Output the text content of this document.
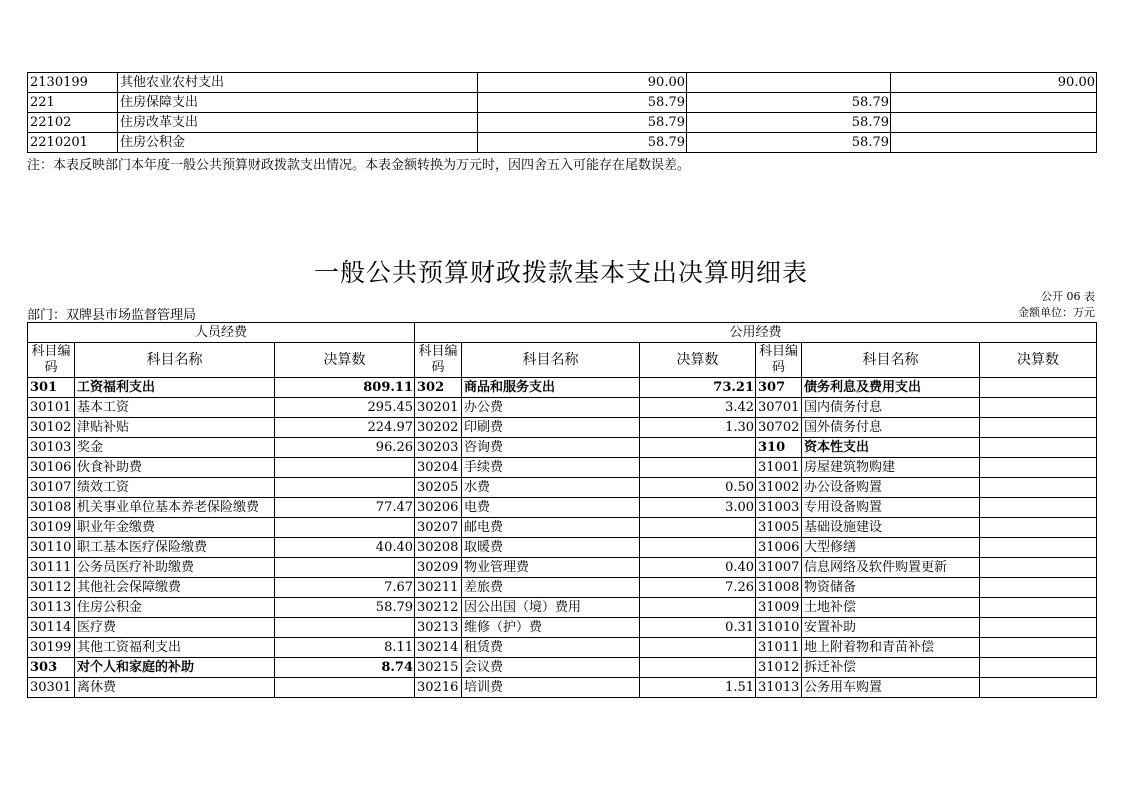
2130199	其他农业农村支出	90.00		90.00
221	住房保障支出	58.79	58.79	
22102	住房改革支出	58.79	58.79	
2210201	住房公积金	58.79	58.79	
注：本表反映部门本年度一般公共预算财政拨款支出情况。本表金额转换为万元时，因四舍五入可能存在尾数误差。
一般公共预算财政拨款基本支出决算明细表
公开 06 表
部门：双牌县市场监督管理局	金额单位：万元
人员经费			公用经费					
科目编码	科目名称	决算数	科目编码	科目名称	决算数	科目编码	科目名称	决算数
301	工资福利支出	809.11	302	商品和服务支出	73.21	307	债务利息及费用支出	
30101	基本工资	295.45	30201	办公费	3.42	30701	国内债务付息	
30102	津贴补贴	224.97	30202	印刷费	1.30	30702	国外债务付息	
30103	奖金	96.26	30203	咨询费		310	资本性支出	
30106	伙食补助费		30204	手续费		31001	房屋建筑物购建	
30107	绩效工资		30205	水费	0.50	31002	办公设备购置	
30108	机关事业单位基本养老保险缴费	77.47	30206	电费	3.00	31003	专用设备购置	
30109	职业年金缴费		30207	邮电费		31005	基础设施建设	
30110	职工基本医疗保险缴费	40.40	30208	取暖费		31006	大型修缮	
30111	公务员医疗补助缴费		30209	物业管理费	0.40	31007	信息网络及软件购置更新	
30112	其他社会保障缴费	7.67	30211	差旅费	7.26	31008	物资储备	
30113	住房公积金	58.79	30212	因公出国（境）费用		31009	土地补偿	
30114	医疗费		30213	维修（护）费	0.31	31010	安置补助	
30199	其他工资福利支出	8.11	30214	租赁费		31011	地上附着物和青苗补偿	
303	对个人和家庭的补助	8.74	30215	会议费		31012	拆迁补偿	
30301	离休费		30216	培训费	1.51	31013	公务用车购置	
